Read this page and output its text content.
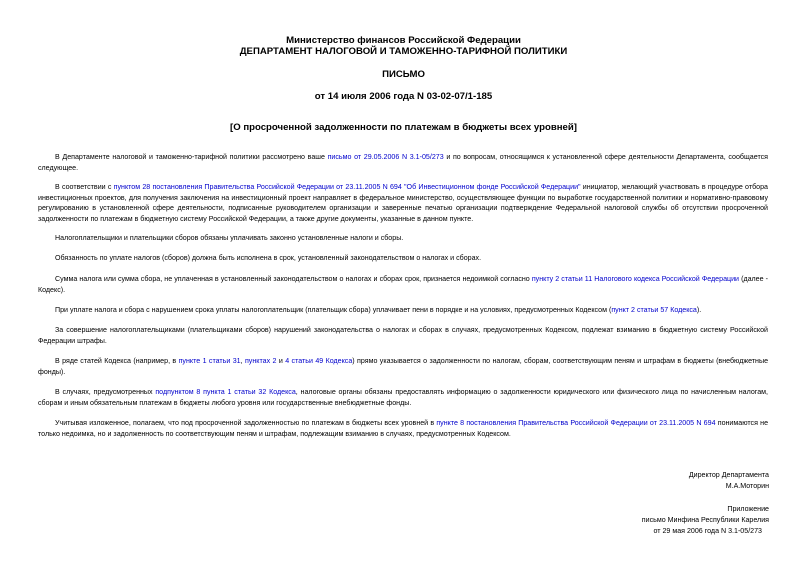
Министерство финансов Российской Федерации
ДЕПАРТАМЕНТ НАЛОГОВОЙ И ТАМОЖЕННО-ТАРИФНОЙ ПОЛИТИКИ
ПИСЬМО
от 14 июля 2006 года N 03-02-07/1-185
[О просроченной задолженности по платежам в бюджеты всех уровней]

В Департаменте налоговой и таможенно-тарифной политики рассмотрено ваше письмо от 29.05.2006 N 3.1-05/273 и по вопросам, относящимся к установленной сфере деятельности Департамента, сообщается следующее.

В соответствии с пунктом 28 постановления Правительства Российской Федерации от 23.11.2005 N 694 "Об Инвестиционном фонде Российской Федерации" инициатор, желающий участвовать в процедуре отбора инвестиционных проектов, для получения заключения на инвестиционный проект направляет в федеральное министерство, осуществляющее функции по выработке государственной политики и нормативно-правовому регулированию в установленной сфере деятельности, подписанные руководителем организации и заверенные печатью организации подтверждение Федеральной налоговой службы об отсутствии просроченной задолженности по платежам в бюджетную систему Российской Федерации, а также другие документы, указанные в данном пункте.

Налогоплательщики и плательщики сборов обязаны уплачивать законно установленные налоги и сборы.

Обязанность по уплате налогов (сборов) должна быть исполнена в срок, установленный законодательством о налогах и сборах.

Сумма налога или сумма сбора, не уплаченная в установленный законодательством о налогах и сборах срок, признается недоимкой согласно пункту 2 статьи 11 Налогового кодекса Российской Федерации (далее - Кодекс).

При уплате налога и сбора с нарушением срока уплаты налогоплательщик (плательщик сбора) уплачивает пени в порядке и на условиях, предусмотренных Кодексом (пункт 2 статьи 57 Кодекса).

За совершение налогоплательщиками (плательщиками сборов) нарушений законодательства о налогах и сборах в случаях, предусмотренных Кодексом, подлежат взиманию в бюджетную систему Российской Федерации штрафы.

В ряде статей Кодекса (например, в пункте 1 статьи 31, пунктах 2 и 4 статьи 49 Кодекса) прямо указывается о задолженности по налогам, сборам, соответствующим пеням и штрафам в бюджеты (внебюджетные фонды).

В случаях, предусмотренных подпунктом 8 пункта 1 статьи 32 Кодекса, налоговые органы обязаны предоставлять информацию о задолженности юридического или физического лица по начисленным налогам, сборам и иным обязательным платежам в бюджеты любого уровня или государственные внебюджетные фонды.

Учитывая изложенное, полагаем, что под просроченной задолженностью по платежам в бюджеты всех уровней в пункте 8 постановления Правительства Российской Федерации от 23.11.2005 N 694 понимаются не только недоимка, но и задолженность по соответствующим пеням и штрафам, подлежащим взиманию в случаях, предусмотренных Кодексом.

Директор Департамента
М.А.Моторин
Приложение
письмо Минфина Республики Карелия
от 29 мая 2006 года N 3.1-05/273
